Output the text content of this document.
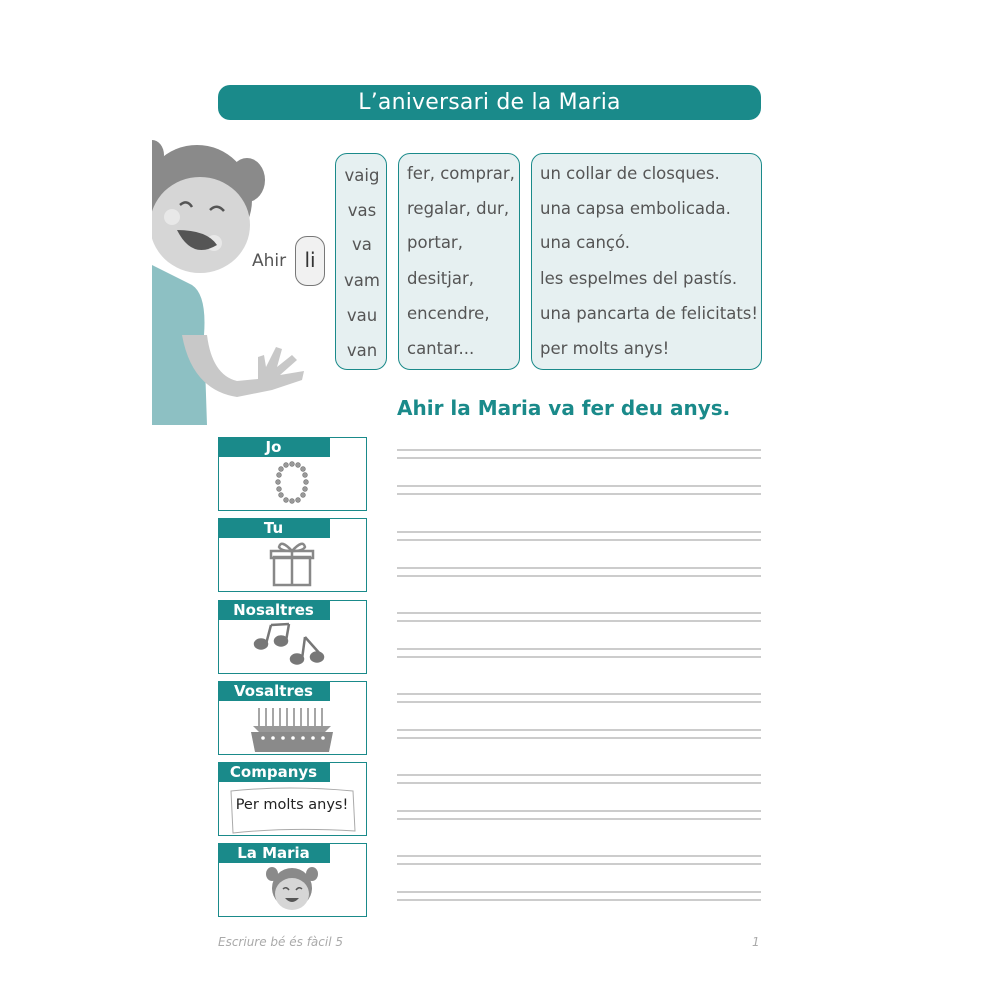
L’aniversari de la Maria
Ahir li
vaig
vas
va
vam
vau
van
fer, comprar,
regalar, dur,
portar,
desitjar,
encendre,
cantar...
un collar de closques.
una capsa embolicada.
una cançó.
les espelmes del pastís.
una pancarta de felicitats!
per molts anys!
Ahir la Maria va fer deu anys.
Jo
Tu
Nosaltres
Vosaltres
Companys
Per molts anys!
La Maria
Escriure bé és fàcil 5	1
